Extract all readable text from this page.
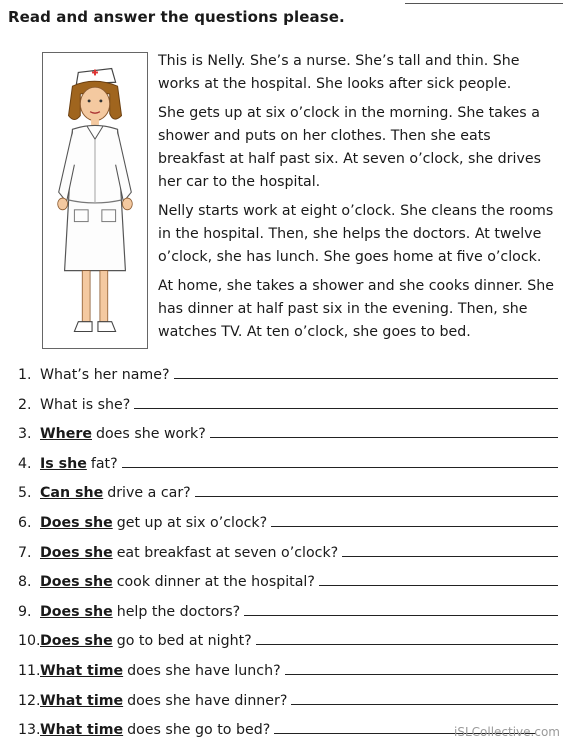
Read and answer the questions please.

This is Nelly. She’s a nurse. She’s tall and thin. She works at the hospital. She looks after sick people.

She gets up at six o’clock in the morning. She takes a shower and puts on her clothes. Then she eats breakfast at half past six. At seven o’clock, she drives her car to the hospital.

Nelly starts work at eight o’clock. She cleans the rooms in the hospital. Then, she helps the doctors. At twelve o’clock, she has lunch. She goes home at five o’clock.

At home, she takes a shower and she cooks dinner. She has dinner at half past six in the evening. Then, she watches TV. At ten o’clock, she goes to bed.

1. What’s her name?
2. What is she?
3. Where does she work?
4. Is she fat?
5. Can she drive a car?
6. Does she get up at six o’clock?
7. Does she eat breakfast at seven o’clock?
8. Does she cook dinner at the hospital?
9. Does she help the doctors?
10. Does she go to bed at night?
11. What time does she have lunch?
12. What time does she have dinner?
13. What time does she go to bed?	iSLCollective.com
